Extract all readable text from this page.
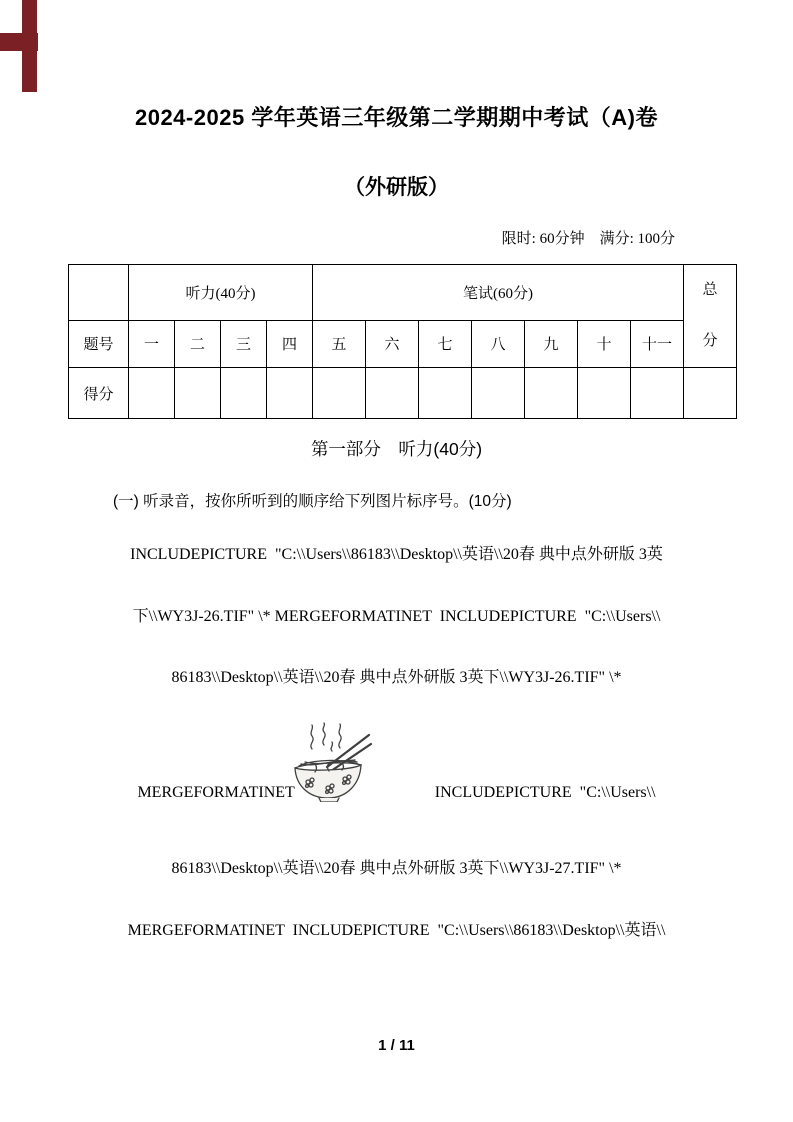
2024-2025 学年英语三年级第二学期期中考试（A)卷
（外研版）
限时: 60分钟　满分: 100分
	听力(40分)				笔试(60分)							总分

题号	一	二	三	四	五	六	七	八	九	十	十一	
得分												
第一部分　听力(40分)
(一) 听录音，按你所听到的顺序给下列图片标序号。(10分)
INCLUDEPICTURE  "C:\\Users\\86183\\Desktop\\英语\\20春 典中点外研版 3英
下\\WY3J-26.TIF" \* MERGEFORMATINET  INCLUDEPICTURE  "C:\\Users\\
86183\\Desktop\\英语\\20春 典中点外研版 3英下\\WY3J-26.TIF" \*
MERGEFORMATINET	INCLUDEPICTURE  "C:\\Users\\
86183\\Desktop\\英语\\20春 典中点外研版 3英下\\WY3J-27.TIF" \*
MERGEFORMATINET  INCLUDEPICTURE  "C:\\Users\\86183\\Desktop\\英语\\
1 / 11
